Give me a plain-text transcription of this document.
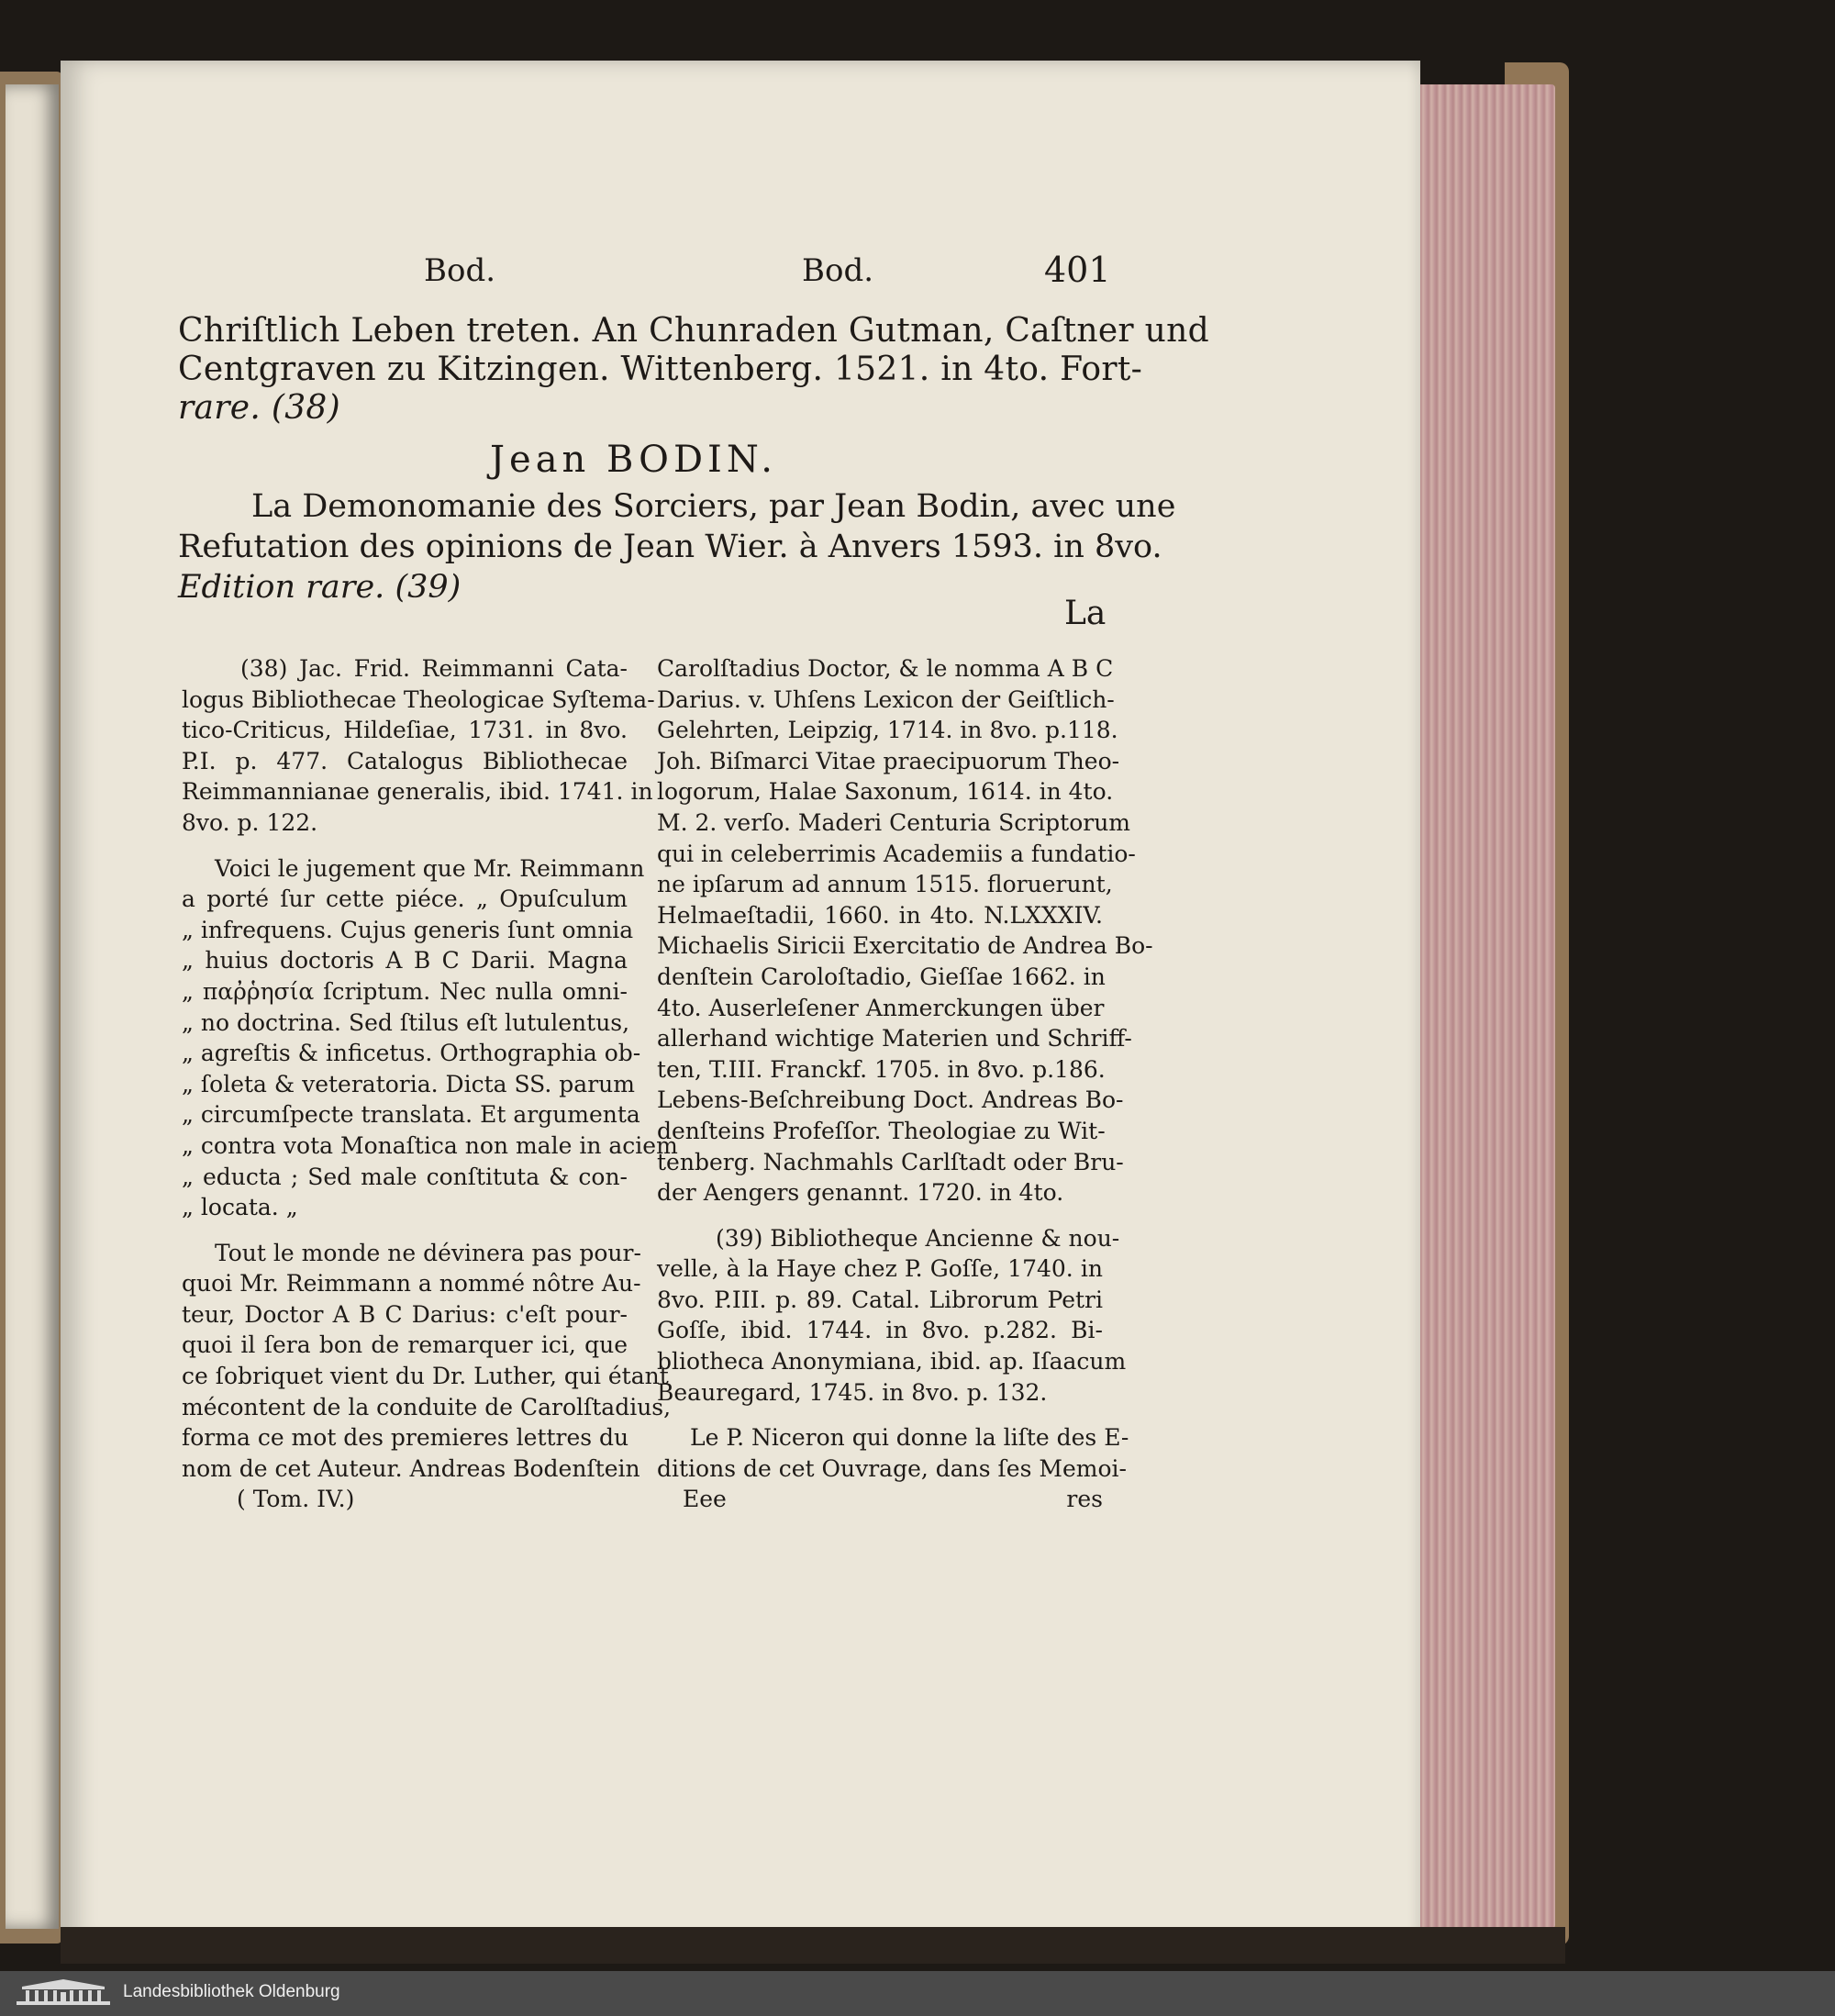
Bod.	Bod.	401
Chriſtlich Leben treten. An Chunraden Gutman, Caſtner und
Centgraven zu Kitzingen. Wittenberg. 1521. in 4to. Fort-
rare. (38)
Jean BODIN.
La Demonomanie des Sorciers, par Jean Bodin, avec une
Refutation des opinions de Jean Wier. à Anvers 1593. in 8vo.
Edition rare. (39)
La
(38) Jac. Frid. Reimmanni Cata-
logus Bibliothecae Theologicae Syſtema-
tico-Criticus, Hildeſiae, 1731. in 8vo.
P.I. p. 477. Catalogus Bibliothecae
Reimmannianae generalis, ibid. 1741. in
8vo. p. 122.
Voici le jugement que Mr. Reimmann
a porté ſur cette piéce. „ Opuſculum
„ infrequens. Cujus generis ſunt omnia
„ huius doctoris A B C Darii. Magna
„ παῤῥησία ſcriptum. Nec nulla omni-
„ no doctrina. Sed ſtilus eſt lutulentus,
„ agreſtis & inficetus. Orthographia ob-
„ ſoleta & veteratoria. Dicta SS. parum
„ circumſpecte translata. Et argumenta
„ contra vota Monaſtica non male in aciem
„ educta ; Sed male conſtituta & con-
„ locata. „
Tout le monde ne dévinera pas pour-
quoi Mr. Reimmann a nommé nôtre Au-
teur, Doctor A B C Darius: c'eſt pour-
quoi il ſera bon de remarquer ici, que
ce ſobriquet vient du Dr. Luther, qui étant
mécontent de la conduite de Carolſtadius,
forma ce mot des premieres lettres du
nom de cet Auteur. Andreas Bodenſtein
( Tom. IV.)
Carolſtadius Doctor, & le nomma A B C
Darius. v. Uhſens Lexicon der Geiſtlich-
Gelehrten, Leipzig, 1714. in 8vo. p.118.
Joh. Biſmarci Vitae praecipuorum Theo-
logorum, Halae Saxonum, 1614. in 4to.
M. 2. verſo. Maderi Centuria Scriptorum
qui in celeberrimis Academiis a fundatio-
ne ipſarum ad annum 1515. floruerunt,
Helmaeſtadii, 1660. in 4to. N.LXXXIV.
Michaelis Siricii Exercitatio de Andrea Bo-
denſtein Caroloſtadio, Gieſſae 1662. in
4to. Auserleſener Anmerckungen über
allerhand wichtige Materien und Schriff-
ten, T.III. Franckf. 1705. in 8vo. p.186.
Lebens-Beſchreibung Doct. Andreas Bo-
denſteins Profeſſor. Theologiae zu Wit-
tenberg. Nachmahls Carlſtadt oder Bru-
der Aengers genannt. 1720. in 4to.
(39) Bibliotheque Ancienne & nou-
velle, à la Haye chez P. Goſſe, 1740. in
8vo. P.III. p. 89. Catal. Librorum Petri
Goſſe, ibid. 1744. in 8vo. p.282. Bi-
bliotheca Anonymiana, ibid. ap. Iſaacum
Beauregard, 1745. in 8vo. p. 132.
Le P. Niceron qui donne la liſte des E-
ditions de cet Ouvrage, dans ſes Memoi-
Eee	res
Landesbibliothek Oldenburg
